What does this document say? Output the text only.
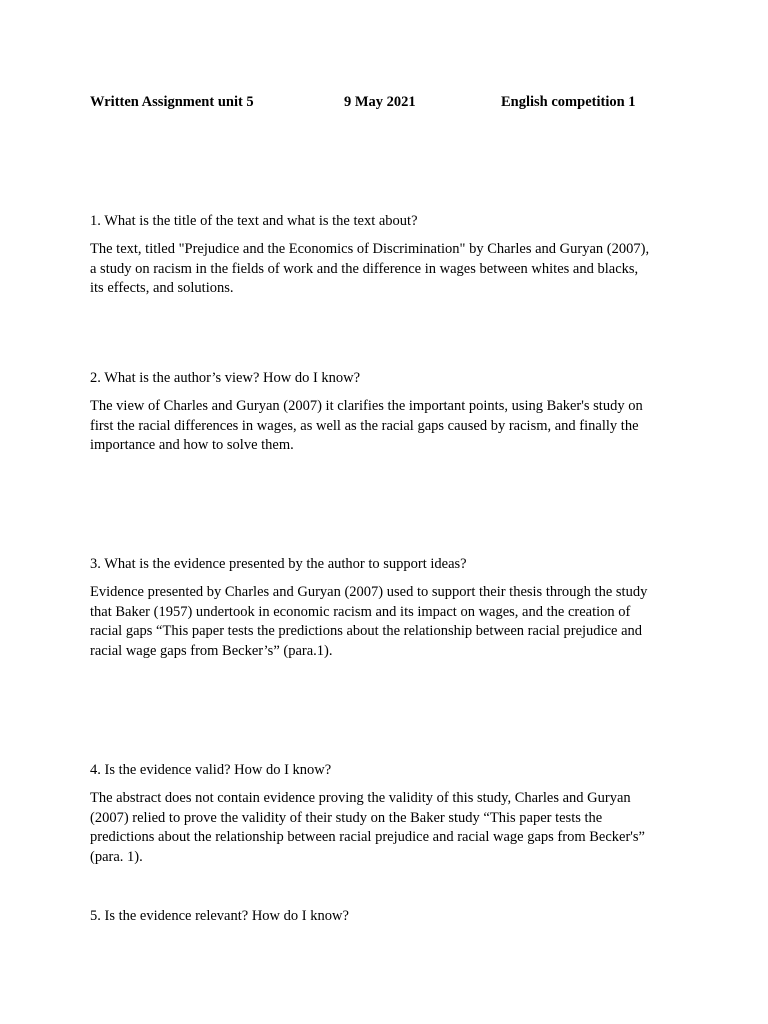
Written Assignment unit 5	9 May 2021	English competition 1
1. What is the title of the text and what is the text about?
The text, titled "Prejudice and the Economics of Discrimination" by Charles and Guryan (2007),
a study on racism in the fields of work and the difference in wages between whites and blacks,
its effects, and solutions.
2. What is the author’s view? How do I know?
The view of Charles and Guryan (2007) it clarifies the important points, using Baker's study on
first the racial differences in wages, as well as the racial gaps caused by racism, and finally the
importance and how to solve them.
3. What is the evidence presented by the author to support ideas?
Evidence presented by Charles and Guryan (2007) used to support their thesis through the study
that Baker (1957) undertook in economic racism and its impact on wages, and the creation of
racial gaps “This paper tests the predictions about the relationship between racial prejudice and
racial wage gaps from Becker’s” (para.1).
4. Is the evidence valid? How do I know?
The abstract does not contain evidence proving the validity of this study, Charles and Guryan
(2007) relied to prove the validity of their study on the Baker study “This paper tests the
predictions about the relationship between racial prejudice and racial wage gaps from Becker's”
(para. 1).
5. Is the evidence relevant? How do I know?
